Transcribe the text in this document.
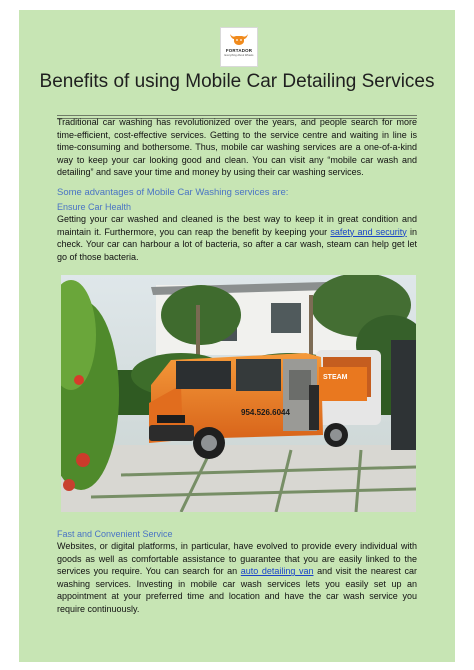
FORTADOR
Everything About Wheels
Benefits of using Mobile Car Detailing Services

Traditional car washing has revolutionized over the years, and people search for more time-efficient, cost-effective services. Getting to the service centre and waiting in line is time-consuming and bothersome. Thus, mobile car washing services are a one-of-a-kind way to keep your car looking good and clean. You can visit any “mobile car wash and detailing” and save your time and money by using their car washing services.

Some advantages of Mobile Car Washing services are:

Ensure Car Health

Getting your car washed and cleaned is the best way to keep it in great condition and maintain it. Furthermore, you can reap the benefit by keeping your safety and security in check. Your car can harbour a lot of bacteria, so after a car wash, steam can help get let go of those bacteria.

STEAM
954.526.6044

Fast and Convenient Service

Websites, or digital platforms, in particular, have evolved to provide every individual with goods as well as comfortable assistance to guarantee that you are easily linked to the services you require. You can search for an auto detailing van and visit the nearest car washing services. Investing in mobile car wash services lets you easily set up an appointment at your preferred time and location and have the car wash service you require continuously.
